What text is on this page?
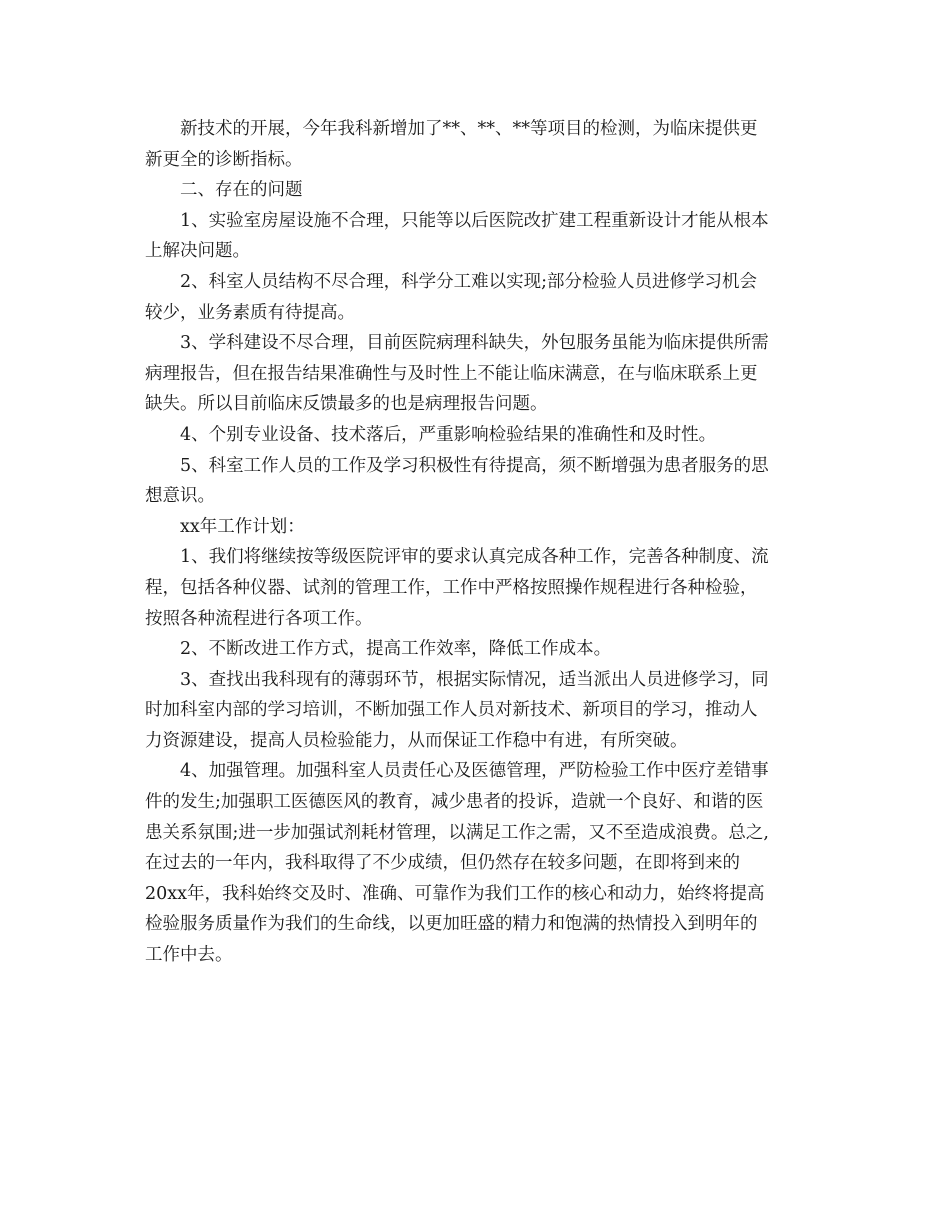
新技术的开展，今年我科新增加了**、**、**等项目的检测，为临床提供更
新更全的诊断指标。

二、存在的问题

1、实验室房屋设施不合理，只能等以后医院改扩建工程重新设计才能从根本
上解决问题。

2、科室人员结构不尽合理，科学分工难以实现;部分检验人员进修学习机会
较少，业务素质有待提高。

3、学科建设不尽合理，目前医院病理科缺失，外包服务虽能为临床提供所需
病理报告，但在报告结果准确性与及时性上不能让临床满意，在与临床联系上更
缺失。所以目前临床反馈最多的也是病理报告问题。

4、个别专业设备、技术落后，严重影响检验结果的准确性和及时性。

5、科室工作人员的工作及学习积极性有待提高，须不断增强为患者服务的思
想意识。

xx年工作计划：

1、我们将继续按等级医院评审的要求认真完成各种工作，完善各种制度、流
程，包括各种仪器、试剂的管理工作，工作中严格按照操作规程进行各种检验，
按照各种流程进行各项工作。

2、不断改进工作方式，提高工作效率，降低工作成本。

3、查找出我科现有的薄弱环节，根据实际情况，适当派出人员进修学习，同
时加科室内部的学习培训，不断加强工作人员对新技术、新项目的学习，推动人
力资源建设，提高人员检验能力，从而保证工作稳中有进，有所突破。

4、加强管理。加强科室人员责任心及医德管理，严防检验工作中医疗差错事
件的发生;加强职工医德医风的教育，减少患者的投诉，造就一个良好、和谐的医
患关系氛围;进一步加强试剂耗材管理，以满足工作之需，又不至造成浪费。总之,
在过去的一年内，我科取得了不少成绩，但仍然存在较多问题，在即将到来的
20xx年，我科始终交及时、准确、可靠作为我们工作的核心和动力，始终将提高
检验服务质量作为我们的生命线，以更加旺盛的精力和饱满的热情投入到明年的
工作中去。
